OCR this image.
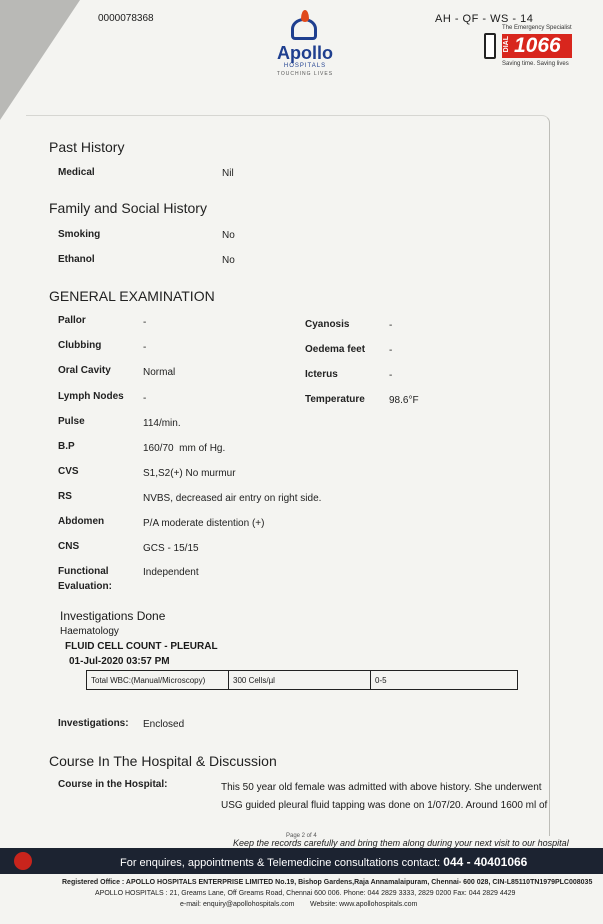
0000078368	AH - QF - WS - 14
Apollo
HOSPITALS
TOUCHING LIVES
The Emergency Specialist
DIAL 1066
Saving time. Saving lives
Past History
Medical	Nil
Family and Social History
Smoking	No
Ethanol	No
GENERAL EXAMINATION
Pallor	-
Clubbing	-
Oral Cavity	Normal
Lymph Nodes -
Pulse	114/min.
B.P	160/70  mm of Hg.
CVS	S1,S2(+) No murmur
RS	NVBS, decreased air entry on right side.
Abdomen	P/A moderate distention (+)
CNS	GCS - 15/15
Functional
Evaluation:
Independent
Cyanosis	-
Oedema feet -
Icterus	-
Temperature 98.6°F
Investigations Done
Haematology
FLUID CELL COUNT - PLEURAL
01-Jul-2020 03:57 PM
Total WBC:(Manual/Microscopy)	300 Cells/µl	0-5
Investigations: Enclosed
Course In The Hospital & Discussion
Course in the Hospital:	This 50 year old female was admitted with above history. She underwent
USG guided pleural fluid tapping was done on 1/07/20. Around 1600 ml of
Page 2 of 4
Keep the records carefully and bring them along during your next visit to our hospital
For enquires, appointments & Telemedicine consultations contact: 044 - 40401066
Registered Office : APOLLO HOSPITALS ENTERPRISE LIMITED No.19, Bishop Gardens,Raja Annamalaipuram, Chennai- 600 028, CIN-L85110TN1979PLC008035
APOLLO HOSPITALS : 21, Greams Lane, Off Greams Road, Chennai 600 006. Phone: 044 2829 3333, 2829 0200 Fax: 044 2829 4429
e-mail: enquiry@apollohospitals.com        Website: www.apollohospitals.com
